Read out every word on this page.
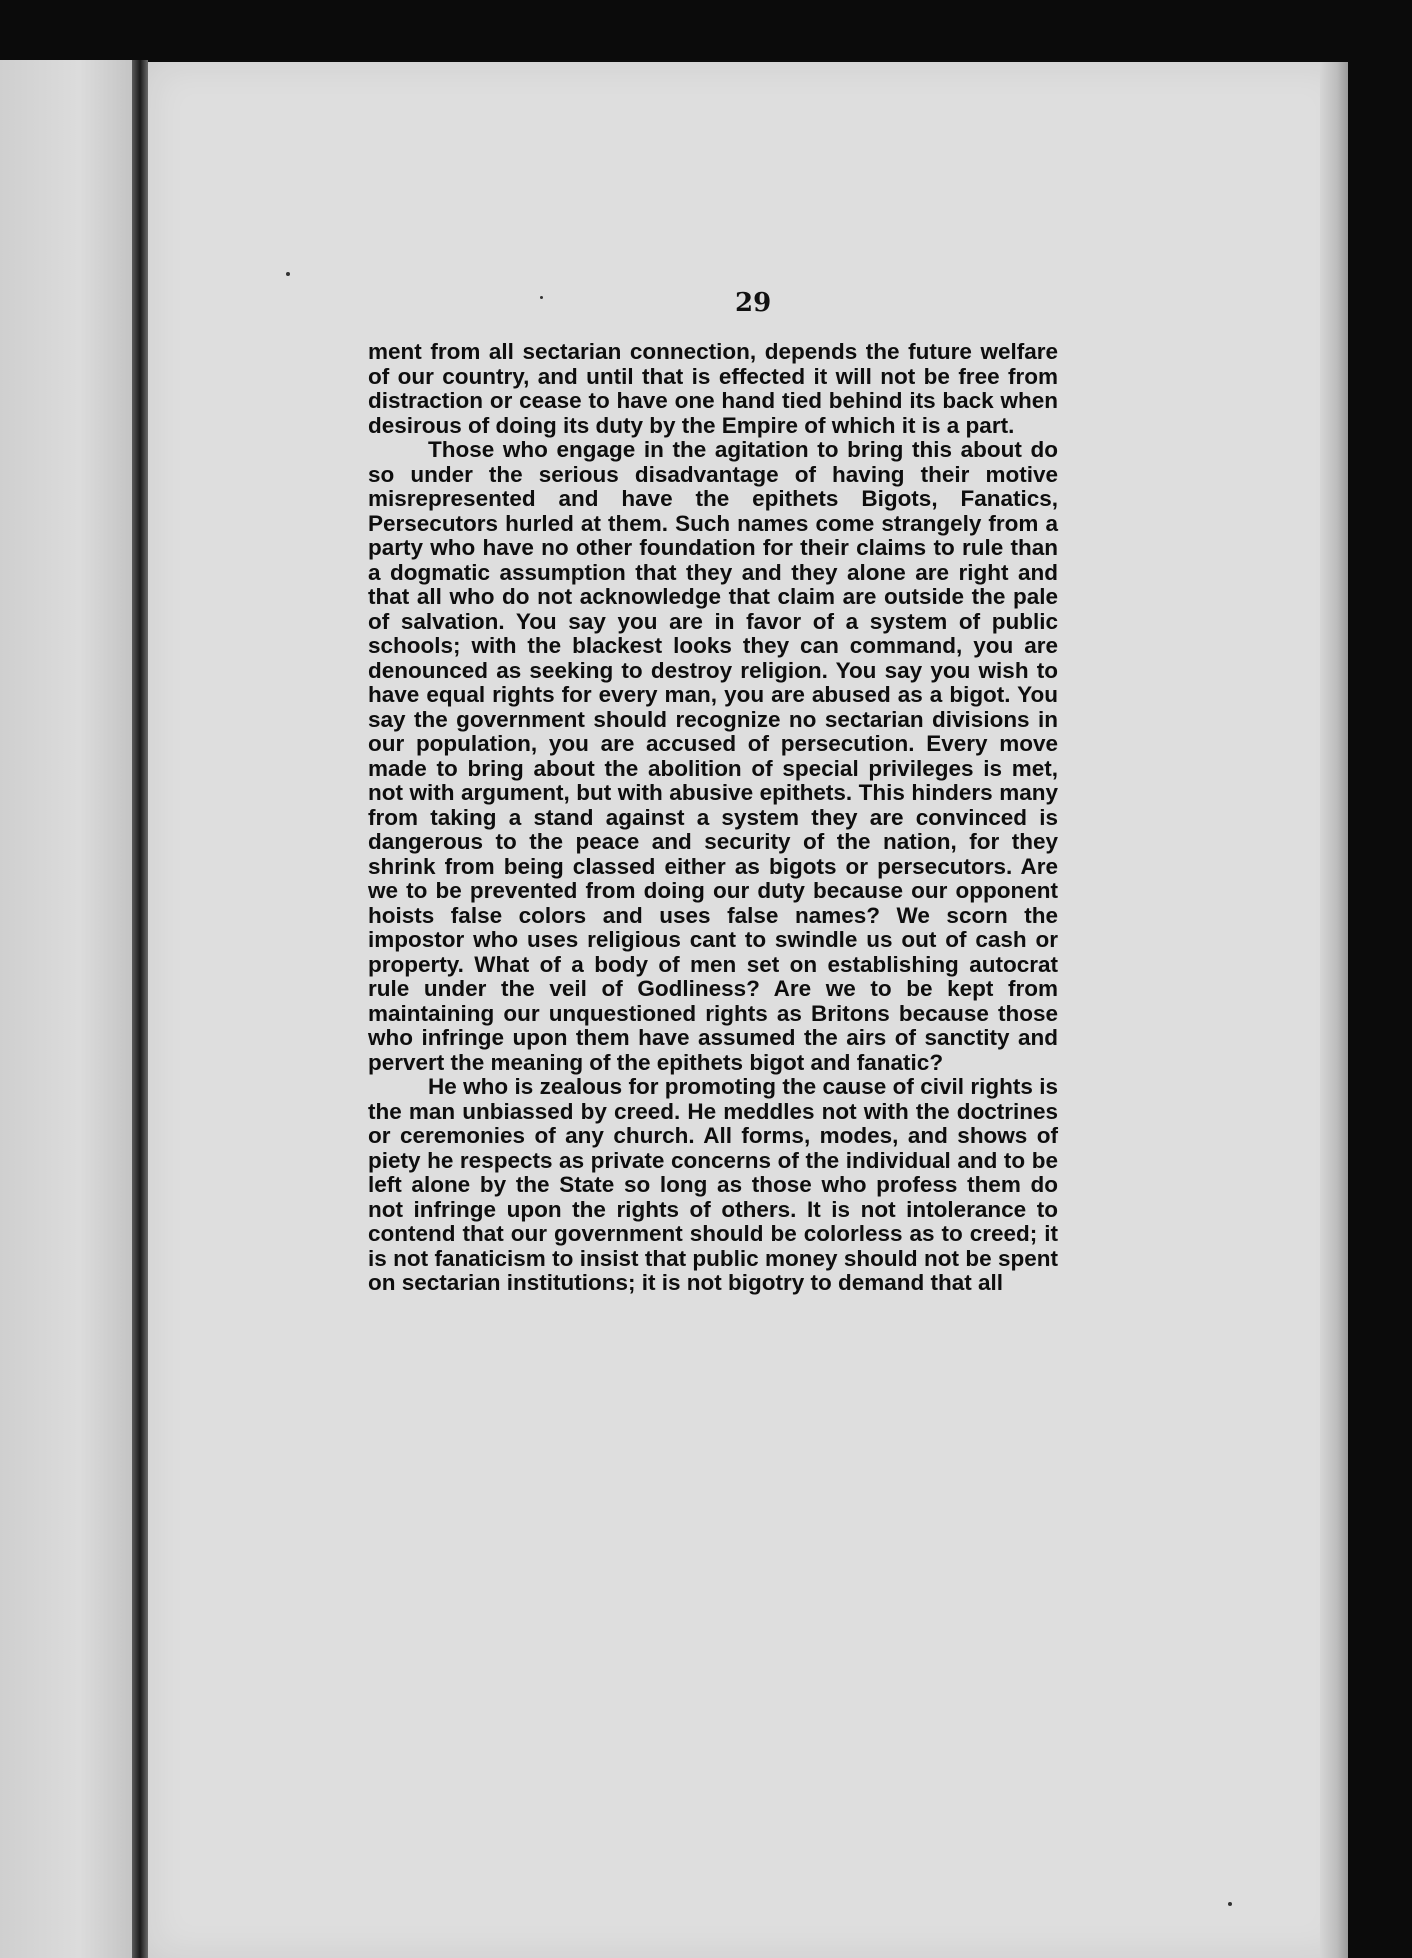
29

ment from all sectarian connection, depends the future welfare of our country, and until that is effected it will not be free from distraction or cease to have one hand tied behind its back when desirous of doing its duty by the Empire of which it is a part.

Those who engage in the agitation to bring this about do so under the serious disadvantage of having their motive misrepresented and have the epithets Bigots, Fanatics, Persecutors hurled at them. Such names come strangely from a party who have no other foundation for their claims to rule than a dogmatic assumption that they and they alone are right and that all who do not acknowledge that claim are outside the pale of salvation. You say you are in favor of a system of public schools; with the blackest looks they can command, you are denounced as seeking to destroy religion. You say you wish to have equal rights for every man, you are abused as a bigot. You say the government should recognize no sectarian divisions in our population, you are accused of persecution. Every move made to bring about the abolition of special privileges is met, not with argument, but with abusive epithets. This hinders many from taking a stand against a system they are convinced is dangerous to the peace and security of the nation, for they shrink from being classed either as bigots or persecutors. Are we to be prevented from doing our duty because our opponent hoists false colors and uses false names? We scorn the impostor who uses religious cant to swindle us out of cash or property. What of a body of men set on establishing autocrat rule under the veil of Godliness? Are we to be kept from maintaining our unquestioned rights as Britons because those who infringe upon them have assumed the airs of sanctity and pervert the meaning of the epithets bigot and fanatic?

He who is zealous for promoting the cause of civil rights is the man unbiassed by creed. He meddles not with the doctrines or ceremonies of any church. All forms, modes, and shows of piety he respects as private concerns of the individual and to be left alone by the State so long as those who profess them do not infringe upon the rights of others. It is not intolerance to contend that our government should be colorless as to creed; it is not fanaticism to insist that public money should not be spent on sectarian institutions; it is not bigotry to demand that all
